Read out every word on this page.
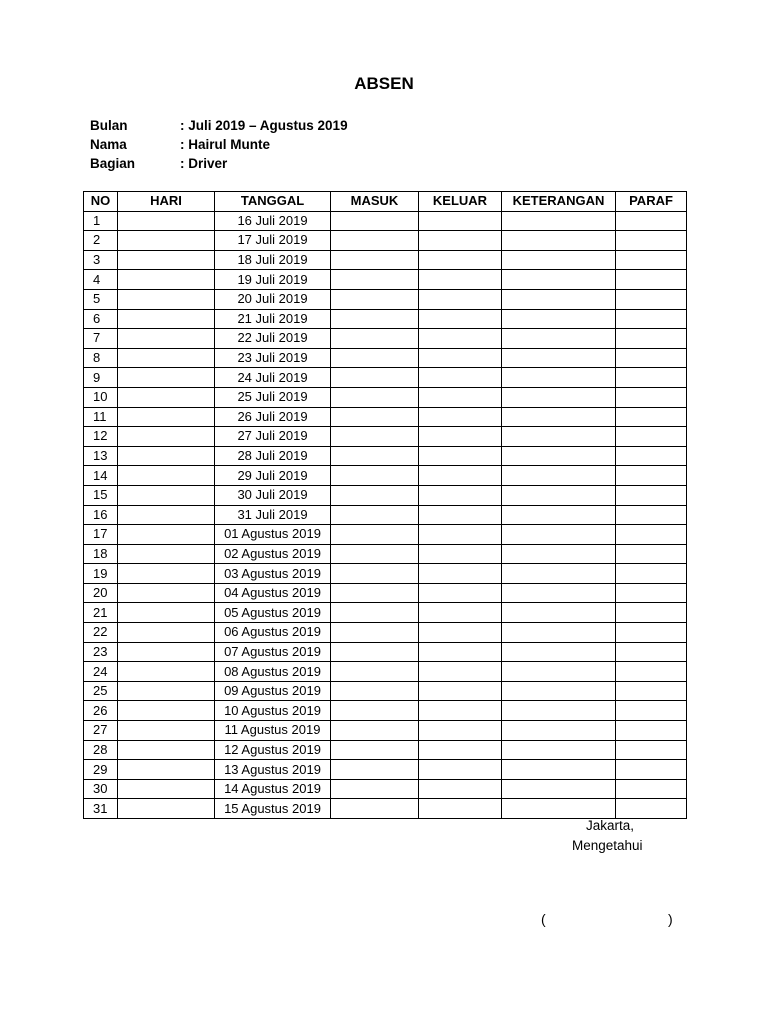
ABSEN
Bulan	: Juli 2019 – Agustus 2019
Nama	: Hairul Munte
Bagian	: Driver
NO	HARI	TANGGAL	MASUK	KELUAR	KETERANGAN	PARAF
1		16 Juli 2019				
2		17 Juli 2019				
3		18 Juli 2019				
4		19 Juli 2019				
5		20 Juli 2019				
6		21 Juli 2019				
7		22 Juli 2019				
8		23 Juli 2019				
9		24 Juli 2019				
10		25 Juli 2019				
11		26 Juli 2019				
12		27 Juli 2019				
13		28 Juli 2019				
14		29 Juli 2019				
15		30 Juli 2019				
16		31 Juli 2019				
17		01 Agustus 2019				
18		02 Agustus 2019				
19		03 Agustus 2019				
20		04 Agustus 2019				
21		05 Agustus 2019				
22		06 Agustus 2019				
23		07 Agustus 2019				
24		08 Agustus 2019				
25		09 Agustus 2019				
26		10 Agustus 2019				
27		11 Agustus 2019				
28		12 Agustus 2019				
29		13 Agustus 2019				
30		14 Agustus 2019				
31		15 Agustus 2019				
Jakarta,
Mengetahui
(	)
